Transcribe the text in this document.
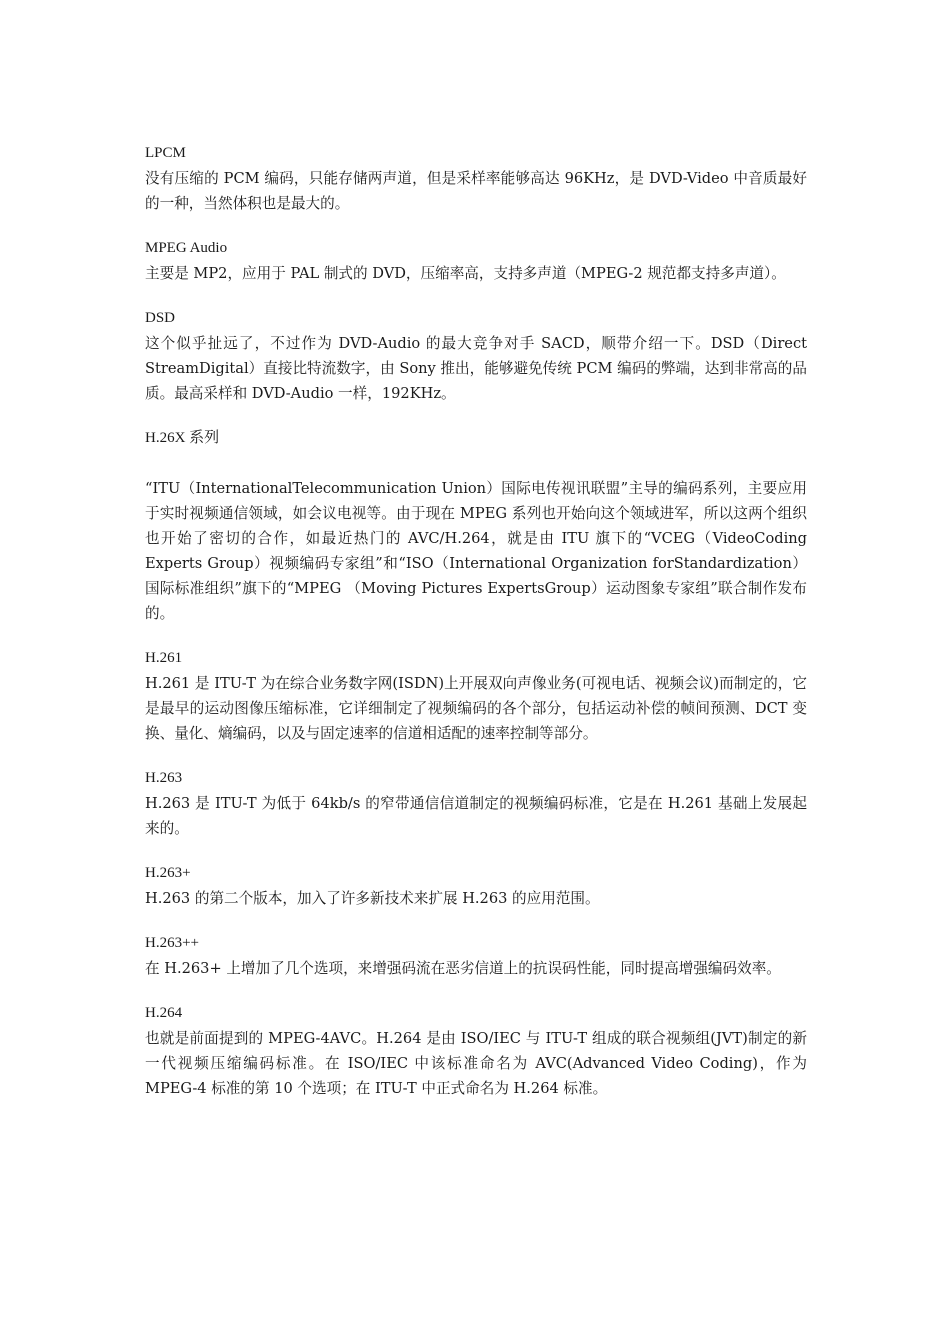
LPCM

没有压缩的 PCM 编码，只能存储两声道，但是采样率能够高达 96KHz，是 DVD-Video 中音质最好的一种，当然体积也是最大的。

MPEG Audio

主要是 MP2，应用于 PAL 制式的 DVD，压缩率高，支持多声道（MPEG-2 规范都支持多声道）。

DSD

这个似乎扯远了，不过作为 DVD-Audio 的最大竞争对手 SACD，顺带介绍一下。DSD（Direct StreamDigital）直接比特流数字，由 Sony 推出，能够避免传统 PCM 编码的弊端，达到非常高的品质。最高采样和 DVD-Audio 一样，192KHz。

H.26X 系列

“ITU（InternationalTelecommunication Union）国际电传视讯联盟”主导的编码系列，主要应用于实时视频通信领域，如会议电视等。由于现在 MPEG 系列也开始向这个领域进军，所以这两个组织也开始了密切的合作，如最近热门的 AVC/H.264，就是由 ITU 旗下的“VCEG（VideoCoding Experts Group）视频编码专家组”和“ISO（International Organization forStandardization）国际标准组织”旗下的“MPEG （Moving Pictures ExpertsGroup）运动图象专家组”联合制作发布的。

H.261

H.261 是 ITU-T 为在综合业务数字网(ISDN)上开展双向声像业务(可视电话、视频会议)而制定的，它是最早的运动图像压缩标准，它详细制定了视频编码的各个部分，包括运动补偿的帧间预测、DCT 变换、量化、熵编码，以及与固定速率的信道相适配的速率控制等部分。

H.263

H.263 是 ITU-T 为低于 64kb/s 的窄带通信信道制定的视频编码标准，它是在 H.261 基础上发展起来的。

H.263+

H.263 的第二个版本，加入了许多新技术来扩展 H.263 的应用范围。

H.263++

在 H.263+ 上增加了几个选项，来增强码流在恶劣信道上的抗误码性能，同时提高增强编码效率。

H.264

也就是前面提到的 MPEG-4AVC。H.264 是由 ISO/IEC 与 ITU-T 组成的联合视频组(JVT)制定的新一代视频压缩编码标准。在 ISO/IEC 中该标准命名为 AVC(Advanced Video Coding)，作为 MPEG-4 标准的第 10 个选项；在 ITU-T 中正式命名为 H.264 标准。
